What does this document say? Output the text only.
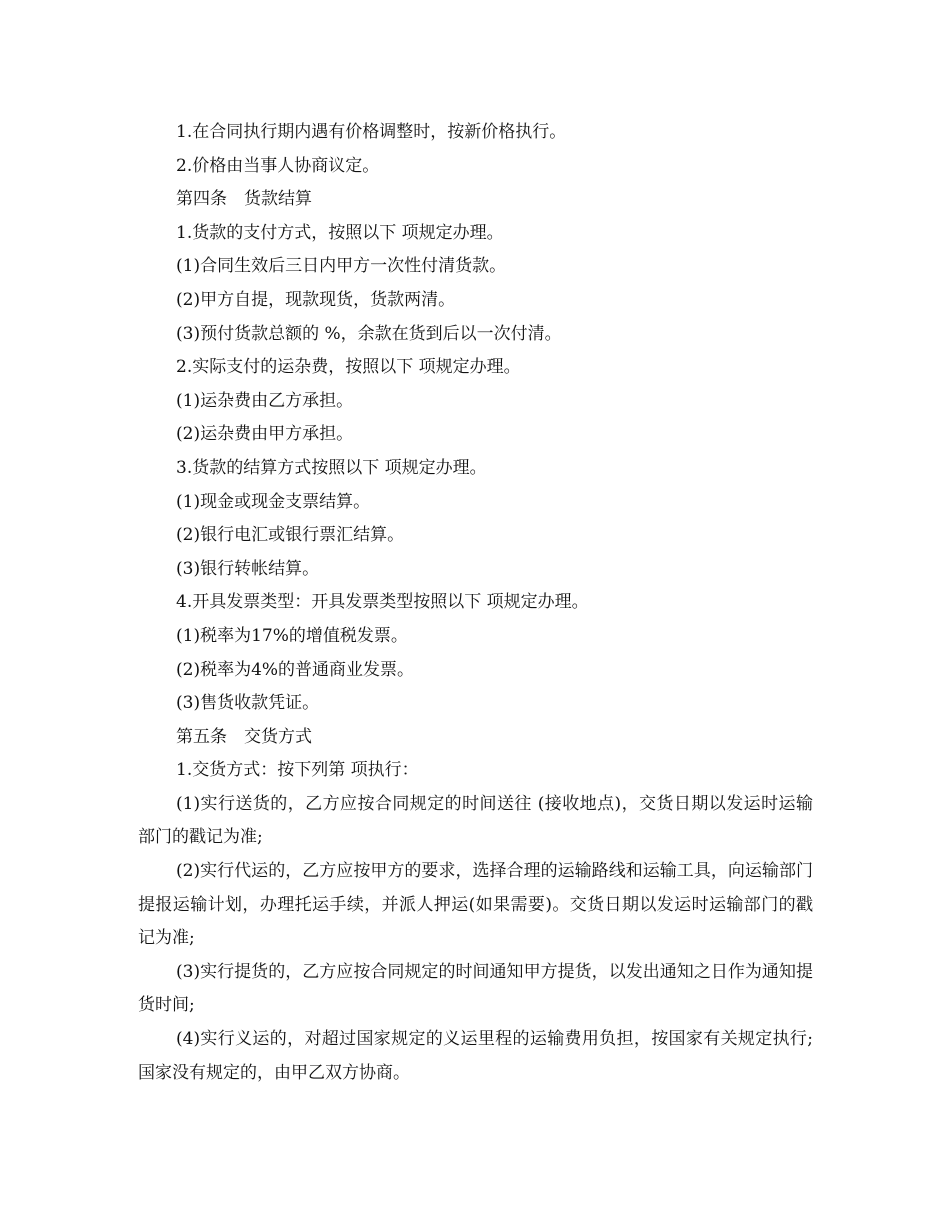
1.在合同执行期内遇有价格调整时，按新价格执行。

2.价格由当事人协商议定。

第四条　货款结算

1.货款的支付方式，按照以下 项规定办理。

(1)合同生效后三日内甲方一次性付清货款。

(2)甲方自提，现款现货，货款两清。

(3)预付货款总额的 %，余款在货到后以一次付清。

2.实际支付的运杂费，按照以下 项规定办理。

(1)运杂费由乙方承担。

(2)运杂费由甲方承担。

3.货款的结算方式按照以下 项规定办理。

(1)现金或现金支票结算。

(2)银行电汇或银行票汇结算。

(3)银行转帐结算。

4.开具发票类型：开具发票类型按照以下 项规定办理。

(1)税率为17%的增值税发票。

(2)税率为4%的普通商业发票。

(3)售货收款凭证。

第五条　交货方式

1.交货方式：按下列第 项执行：

(1)实行送货的，乙方应按合同规定的时间送往 (接收地点)，交货日期以发运时运输部门的戳记为准;

(2)实行代运的，乙方应按甲方的要求，选择合理的运输路线和运输工具，向运输部门提报运输计划，办理托运手续，并派人押运(如果需要)。交货日期以发运时运输部门的戳记为准;

(3)实行提货的，乙方应按合同规定的时间通知甲方提货，以发出通知之日作为通知提货时间;

(4)实行义运的，对超过国家规定的义运里程的运输费用负担，按国家有关规定执行;国家没有规定的，由甲乙双方协商。
